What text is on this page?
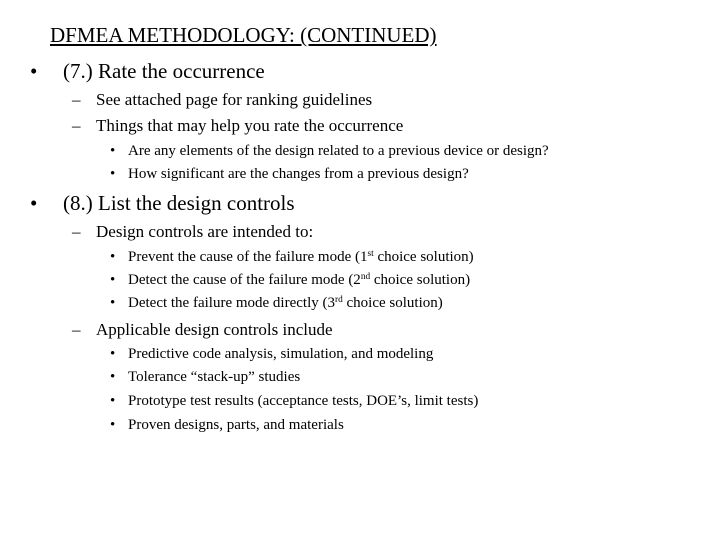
DFMEA METHODOLOGY: (CONTINUED)
• (7.) Rate the occurrence
– See attached page for ranking guidelines
– Things that may help you rate the occurrence
• Are any elements of the design related to a previous device or design?
• How significant are the changes from a previous design?
• (8.) List the design controls
– Design controls are intended to:
• Prevent the cause of the failure mode (1st choice solution)
• Detect the cause of the failure mode (2nd choice solution)
• Detect the failure mode directly (3rd choice solution)
– Applicable design controls include
• Predictive code analysis, simulation, and modeling
• Tolerance “stack-up” studies
• Prototype test results (acceptance tests, DOE’s, limit tests)
• Proven designs, parts, and materials
